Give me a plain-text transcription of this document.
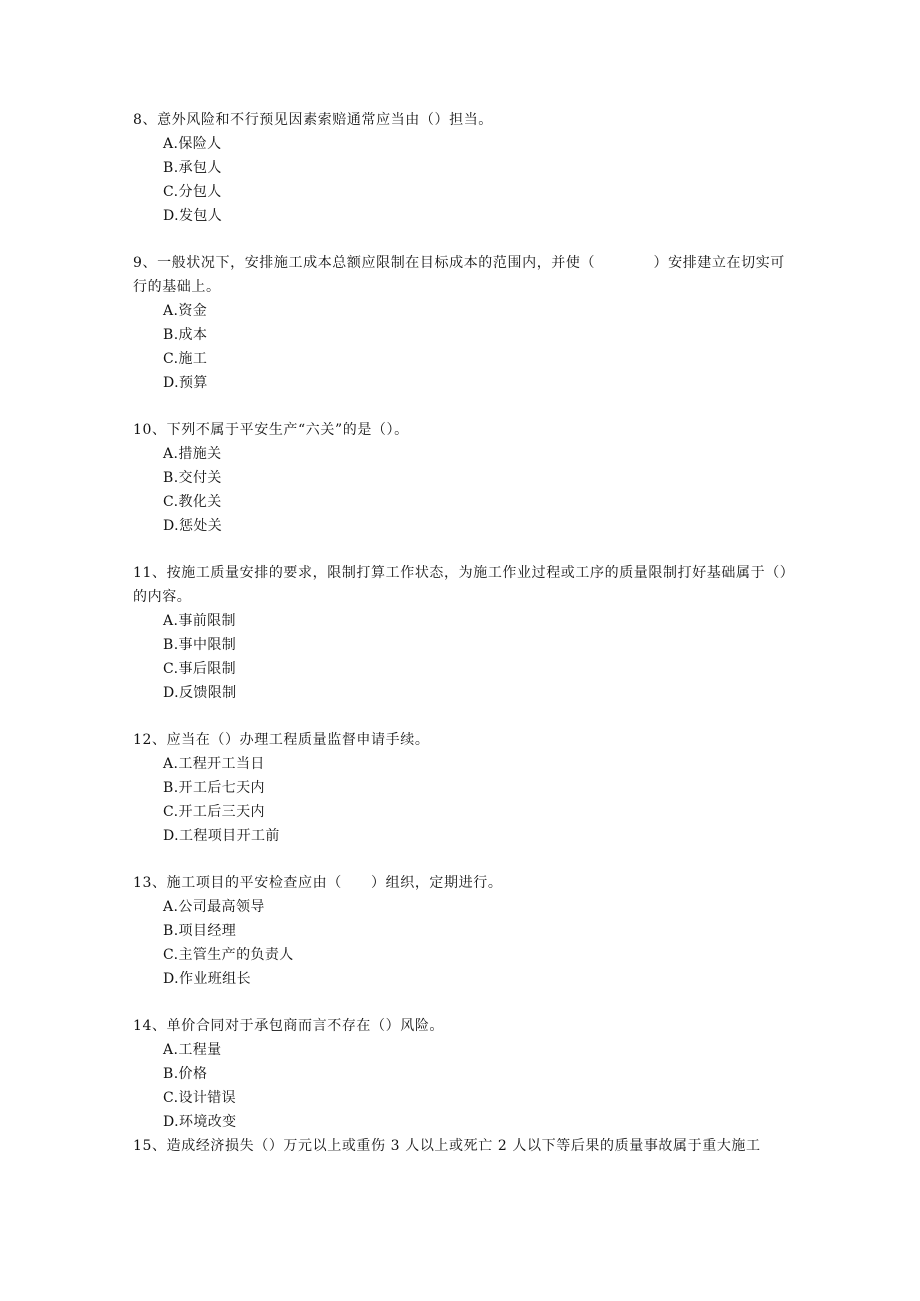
8、意外风险和不行预见因素索赔通常应当由（）担当。

A.保险人
B.承包人
C.分包人
D.发包人

9、一般状况下，安排施工成本总额应限制在目标成本的范围内，并使（　　　　）安排建立在切实可行的基础上。

A.资金
B.成本
C.施工
D.预算

10、下列不属于平安生产“六关”的是（）。

A.措施关
B.交付关
C.教化关
D.惩处关

11、按施工质量安排的要求，限制打算工作状态，为施工作业过程或工序的质量限制打好基础属于（）的内容。

A.事前限制
B.事中限制
C.事后限制
D.反馈限制

12、应当在（）办理工程质量监督申请手续。

A.工程开工当日
B.开工后七天内
C.开工后三天内
D.工程项目开工前

13、施工项目的平安检查应由（　　）组织，定期进行。

A.公司最高领导
B.项目经理
C.主管生产的负责人
D.作业班组长

14、单价合同对于承包商而言不存在（）风险。

A.工程量
B.价格
C.设计错误
D.环境改变

15、造成经济损失（）万元以上或重伤 3 人以上或死亡 2 人以下等后果的质量事故属于重大施工
